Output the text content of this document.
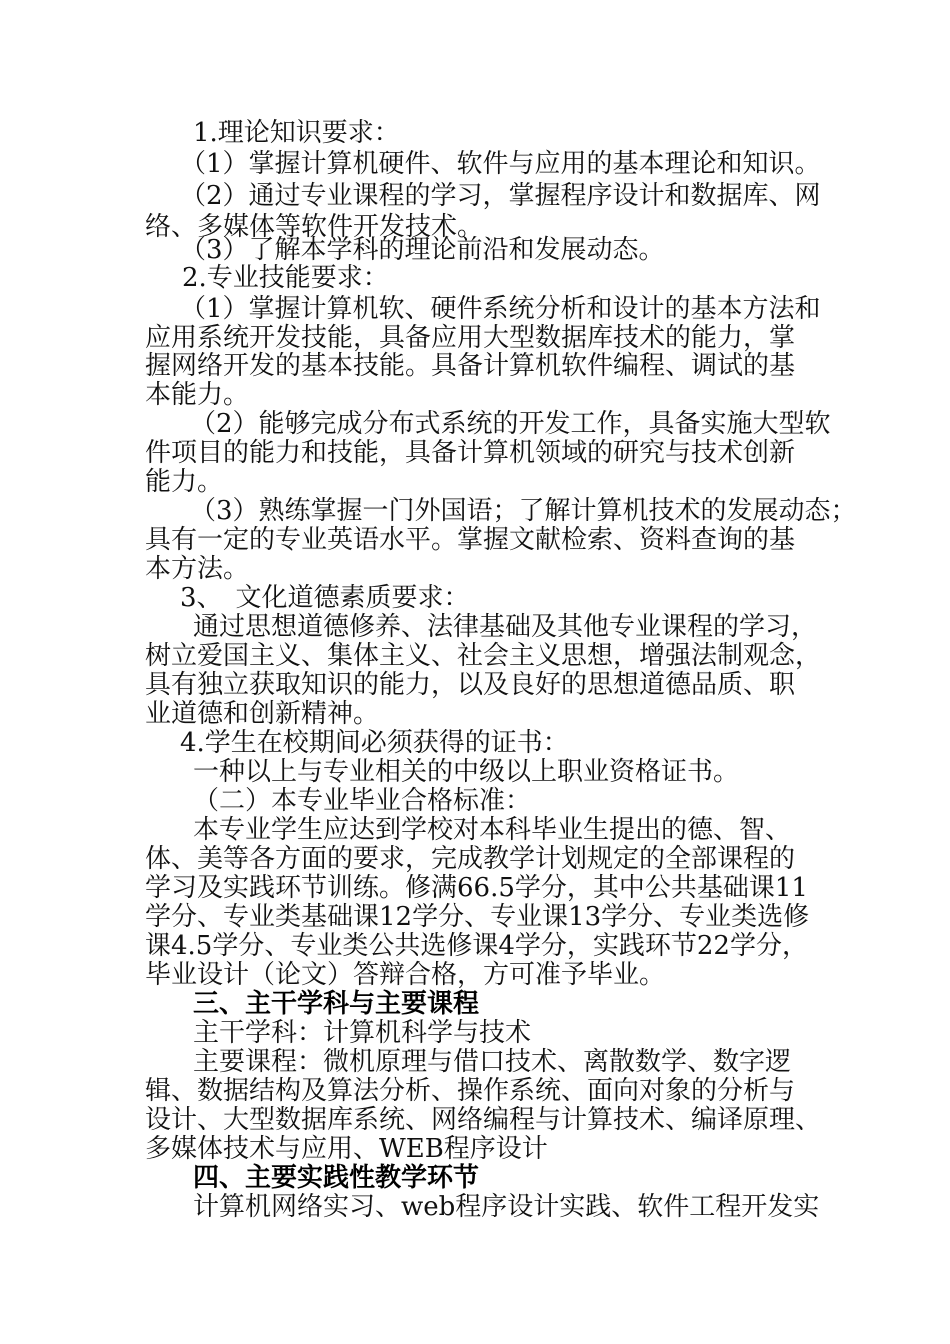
1.理论知识要求：
（1）掌握计算机硬件、软件与应用的基本理论和知识。
（2）通过专业课程的学习，掌握程序设计和数据库、网
络、多媒体等软件开发技术。
（3）了解本学科的理论前沿和发展动态。
2.专业技能要求：
（1）掌握计算机软、硬件系统分析和设计的基本方法和
应用系统开发技能，具备应用大型数据库技术的能力，掌
握网络开发的基本技能。具备计算机软件编程、调试的基
本能力。
（2）能够完成分布式系统的开发工作，具备实施大型软
件项目的能力和技能，具备计算机领域的研究与技术创新
能力。
（3）熟练掌握一门外国语；了解计算机技术的发展动态；
具有一定的专业英语水平。掌握文献检索、资料查询的基
本方法。
3、　文化道德素质要求：
通过思想道德修养、法律基础及其他专业课程的学习，
树立爱国主义、集体主义、社会主义思想，增强法制观念，
具有独立获取知识的能力，以及良好的思想道德品质、职
业道德和创新精神。
4.学生在校期间必须获得的证书：
一种以上与专业相关的中级以上职业资格证书。
（二）本专业毕业合格标准：
本专业学生应达到学校对本科毕业生提出的德、智、
体、美等各方面的要求，完成教学计划规定的全部课程的
学习及实践环节训练。修满66.5学分，其中公共基础课11
学分、专业类基础课12学分、专业课13学分、专业类选修
课4.5学分、专业类公共选修课4学分，实践环节22学分，
毕业设计（论文）答辩合格，方可准予毕业。
三、主干学科与主要课程
主干学科：计算机科学与技术
主要课程：微机原理与借口技术、离散数学、数字逻
辑、数据结构及算法分析、操作系统、面向对象的分析与
设计、大型数据库系统、网络编程与计算技术、编译原理、
多媒体技术与应用、WEB程序设计
四、主要实践性教学环节
计算机网络实习、web程序设计实践、软件工程开发实
